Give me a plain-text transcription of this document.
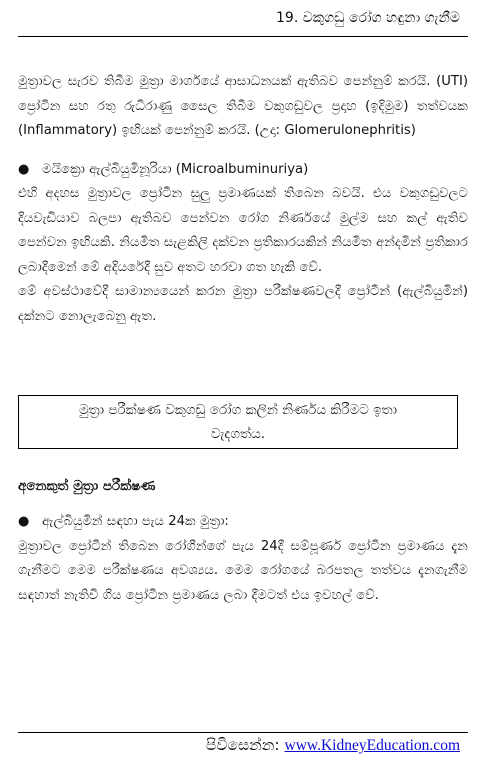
19. වකුගඩු රෝග හඳුනා ගැනීම

මුත්‍රාවල සැරව තිබීම මුත්‍රා මාර්ගයේ ආසාධනයක් ඇතිබව පෙන්නුම් කරයි. (UTI) ප්‍රෝටීන සහ රතු රුධිරාණු සෛල තිබීම වකුගඩුවල ප්‍රදාහ (ඉදිමුම) තත්වයක (Inflammatory) ඉඟියක් පෙන්නුම් කරයි. (උදා: Glomerulonephritis)

● මයික්‍රො ඇල්බියුමිනූරියා (Microalbuminuriya)

එහි අදහස මුත්‍රාවල ප්‍රෝටීන සුලු ප්‍රමාණයක් තිබෙන බවයි. එය වකුගඩුවලට දියවැඩියාව බලපා ඇතිබව පෙන්වන රෝග නිර්ණයේ මුල්ම සහ කල් ඇතිව පෙන්වන ඉඟියකි. නියමිත සැළකිලි දක්වන ප්‍රතිකාරයකින් නියමිත අන්දමින් ප්‍රතිකාර ලබාදීමෙන් මේ අදියරේදී සුව අතට හරවා ගත හැකි වේ.

මේ අවස්ථාවේදී සාමාන්‍යයෙන් කරන මුත්‍රා පරීක්ෂණවලදී ප්‍රෝටීන් (ඇල්බියුමින්) දක්නට නොලැබෙනු ඇත.

මුත්‍රා පරීක්ෂණ වකුගඩු රෝග කලින් නිර්ණය කිරීමට ඉතා වැදගත්ය.
අනෙකුත් මුත්‍රා පරීක්ෂණ
● ඇල්බියුමින් සඳහා පැය 24ක මුත්‍රා:

මුත්‍රාවල ප්‍රෝටීන් තිබෙන රෝගීන්ගේ පැය 24දී සම්පූර්ණ ප්‍රෝටීන ප්‍රමාණය දැන ගැනීමට මෙම පරීක්ෂණය අවශ්‍යය. මෙම රෝගයේ බරපතල තත්වය දැනගැනීම සඳහාත් නැතිවී ගිය ප්‍රෝටීන ප්‍රමාණය ලබා දීමටත් එය ඉවහල් වේ.

පිවිසෙන්න: www.KidneyEducation.com
